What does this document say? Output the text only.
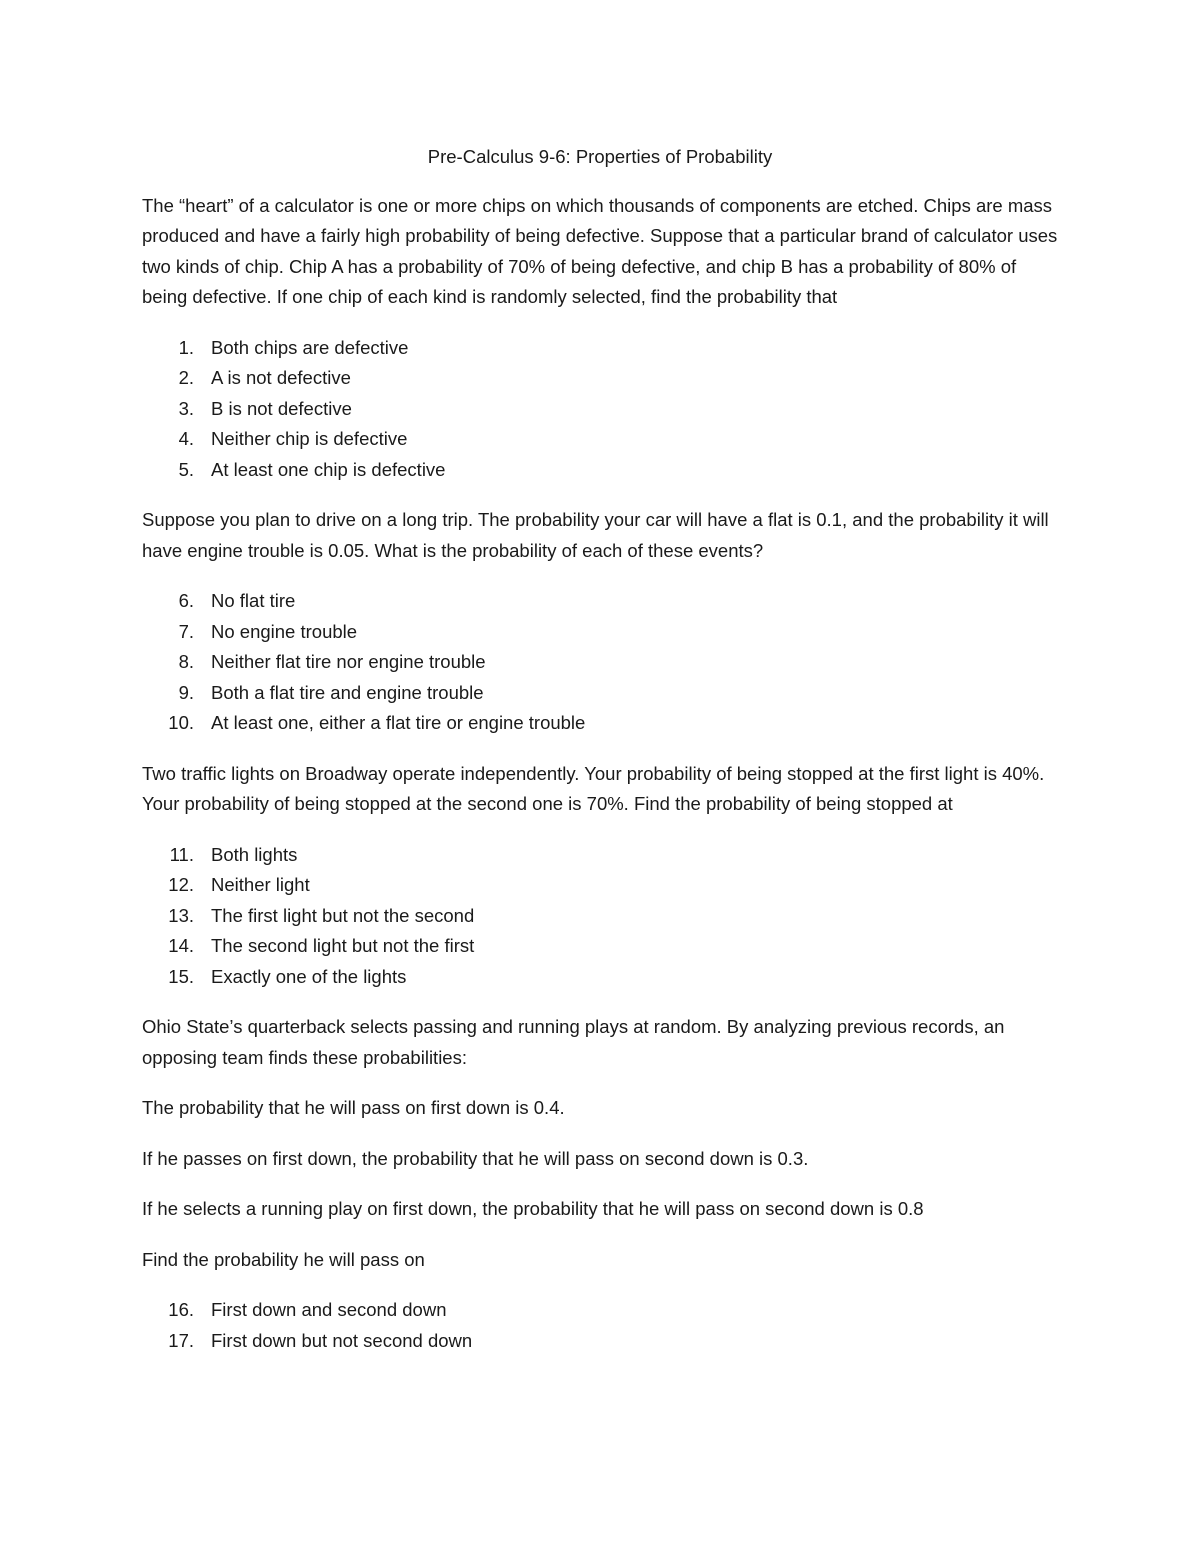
Pre-Calculus 9-6: Properties of Probability

The “heart” of a calculator is one or more chips on which thousands of components are etched. Chips are mass produced and have a fairly high probability of being defective. Suppose that a particular brand of calculator uses two kinds of chip. Chip A has a probability of 70% of being defective, and chip B has a probability of 80% of being defective. If one chip of each kind is randomly selected, find the probability that

1. Both chips are defective
2. A is not defective
3. B is not defective
4. Neither chip is defective
5. At least one chip is defective

Suppose you plan to drive on a long trip. The probability your car will have a flat is 0.1, and the probability it will have engine trouble is 0.05. What is the probability of each of these events?

6. No flat tire
7. No engine trouble
8. Neither flat tire nor engine trouble
9. Both a flat tire and engine trouble
10. At least one, either a flat tire or engine trouble

Two traffic lights on Broadway operate independently. Your probability of being stopped at the first light is 40%. Your probability of being stopped at the second one is 70%. Find the probability of being stopped at

11. Both lights
12. Neither light
13. The first light but not the second
14. The second light but not the first
15. Exactly one of the lights

Ohio State’s quarterback selects passing and running plays at random. By analyzing previous records, an opposing team finds these probabilities:

The probability that he will pass on first down is 0.4.

If he passes on first down, the probability that he will pass on second down is 0.3.

If he selects a running play on first down, the probability that he will pass on second down is 0.8

Find the probability he will pass on

16. First down and second down
17. First down but not second down
